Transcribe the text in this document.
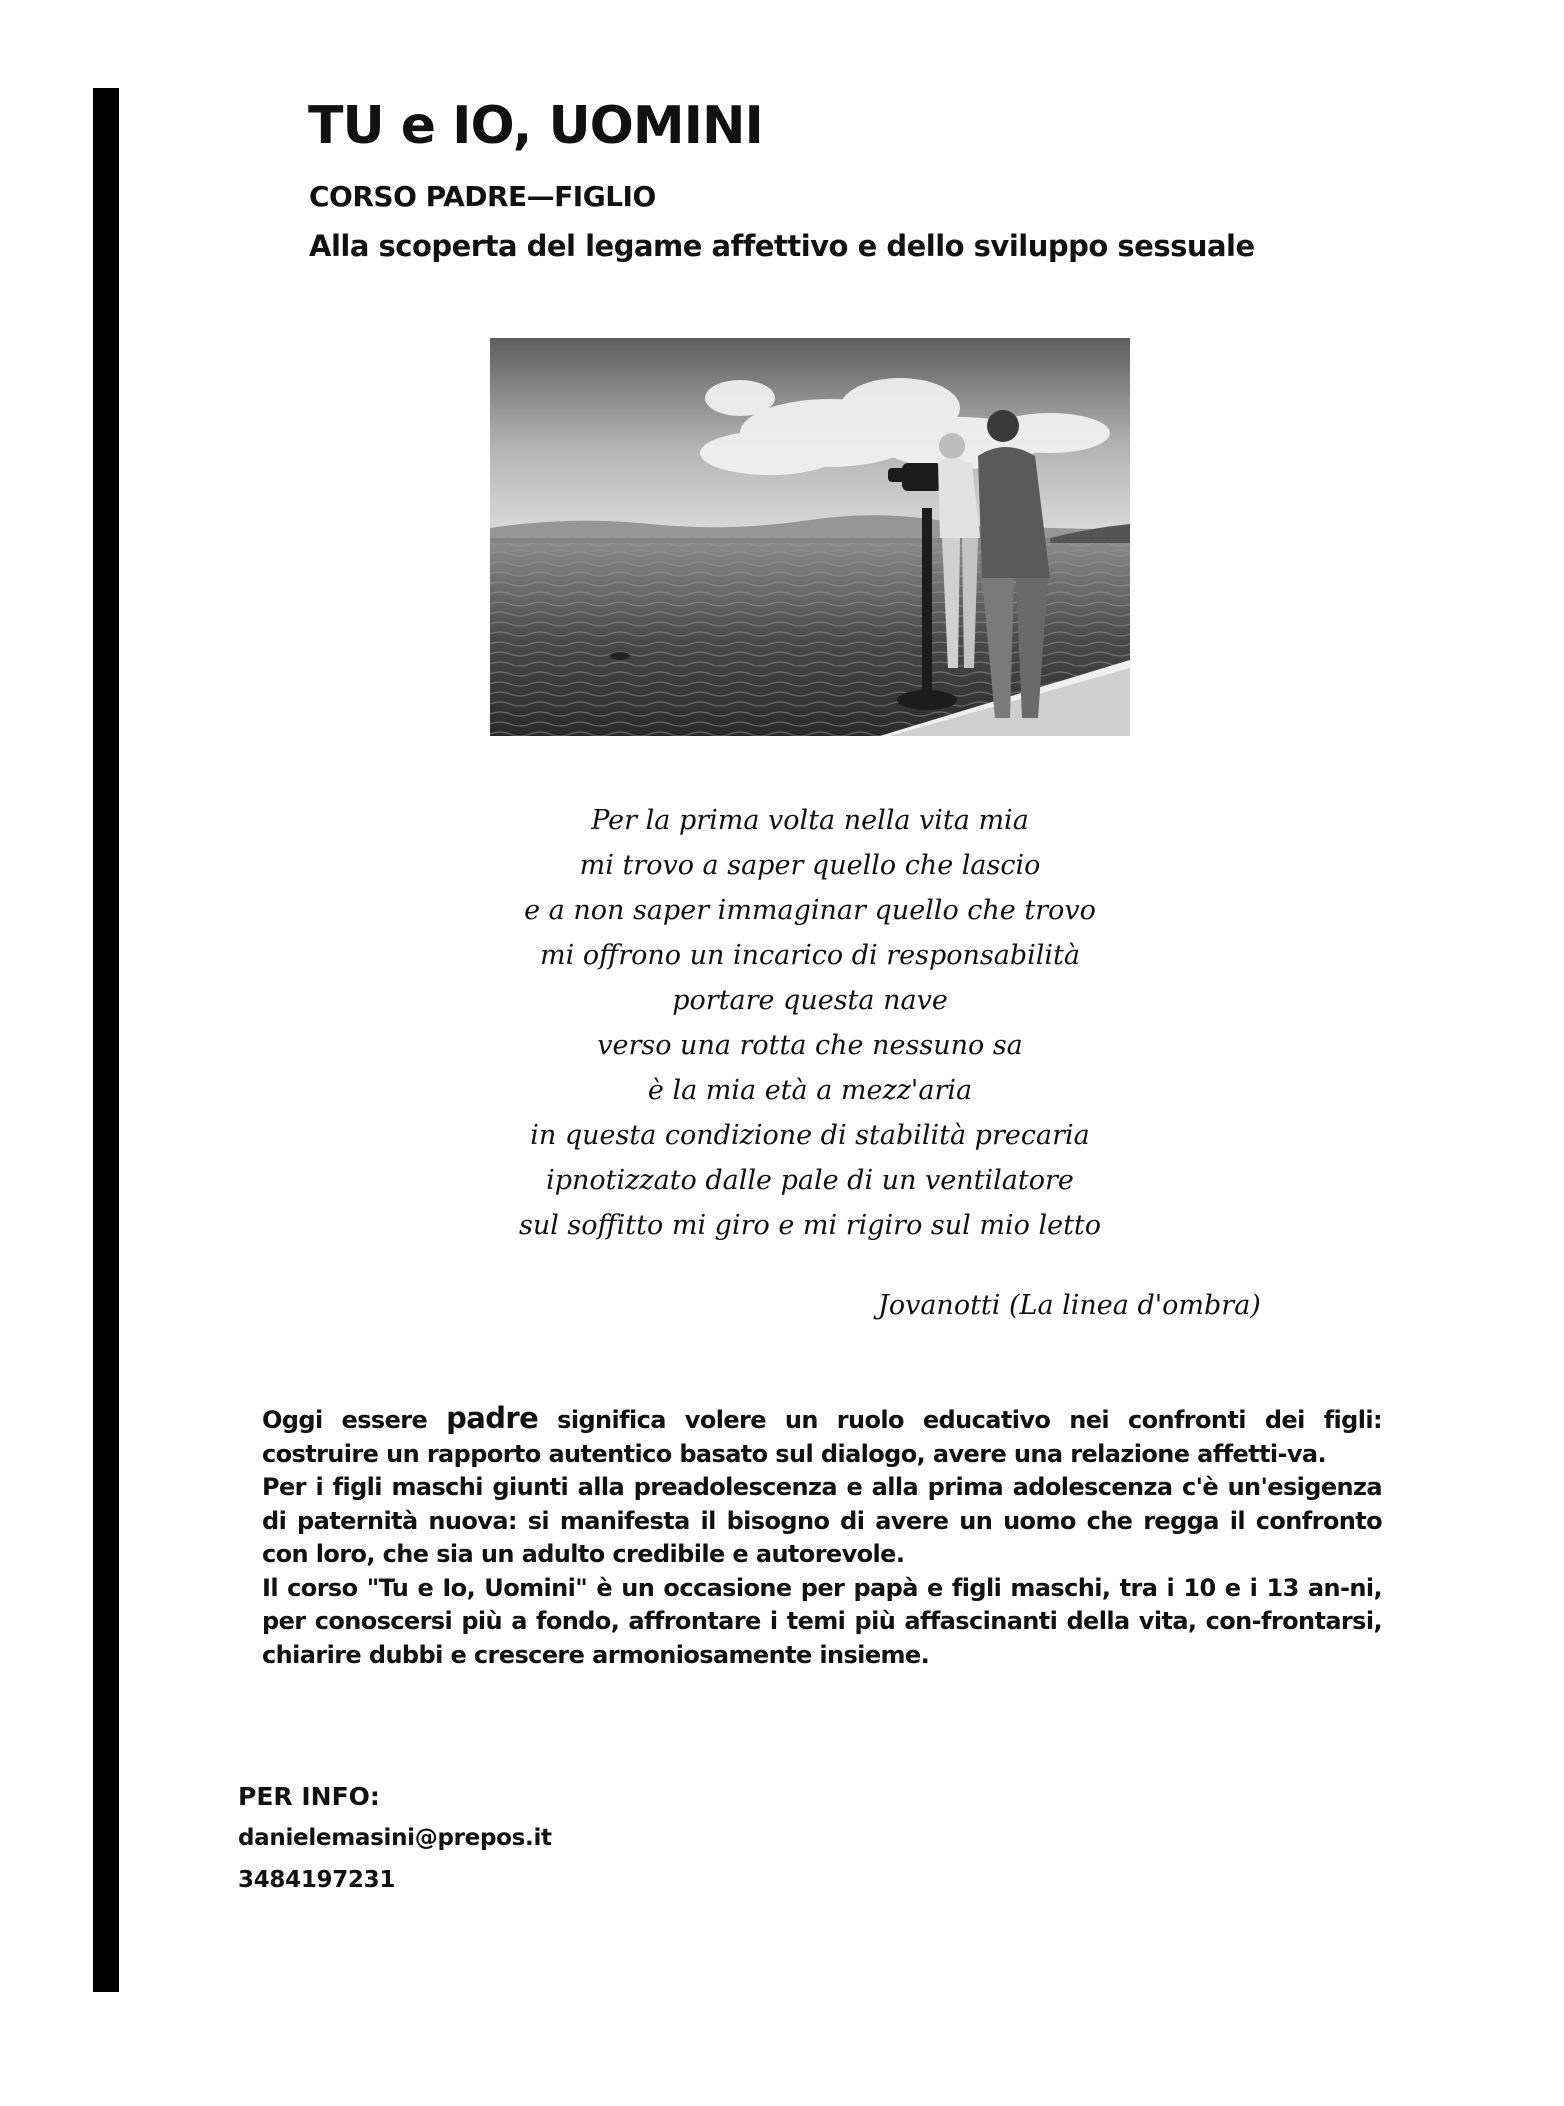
TU e IO, UOMINI
CORSO PADRE—FIGLIO
Alla scoperta del legame affettivo e dello sviluppo sessuale
Per la prima volta nella vita mia
mi trovo a saper quello che lascio
e a non saper immaginar quello che trovo
mi offrono un incarico di responsabilità
portare questa nave
verso una rotta che nessuno sa
è la mia età a mezz'aria
in questa condizione di stabilità precaria
ipnotizzato dalle pale di un ventilatore
sul soffitto mi giro e mi rigiro sul mio letto
Jovanotti (La linea d'ombra)

Oggi essere padre significa volere un ruolo educativo nei confronti dei figli: costruire un rapporto autentico basato sul dialogo, avere una relazione affetti-va.

Per i figli maschi giunti alla preadolescenza e alla prima adolescenza c'è un'esigenza di paternità nuova: si manifesta il bisogno di avere un uomo che regga il confronto con loro, che sia un adulto credibile e autorevole.

Il corso "Tu e Io, Uomini" è un occasione per papà e figli maschi, tra i 10 e i 13 an-ni, per conoscersi più a fondo, affrontare i temi più affascinanti della vita, con-frontarsi, chiarire dubbi e crescere armoniosamente insieme.

PER INFO:
danielemasini@prepos.it
3484197231
